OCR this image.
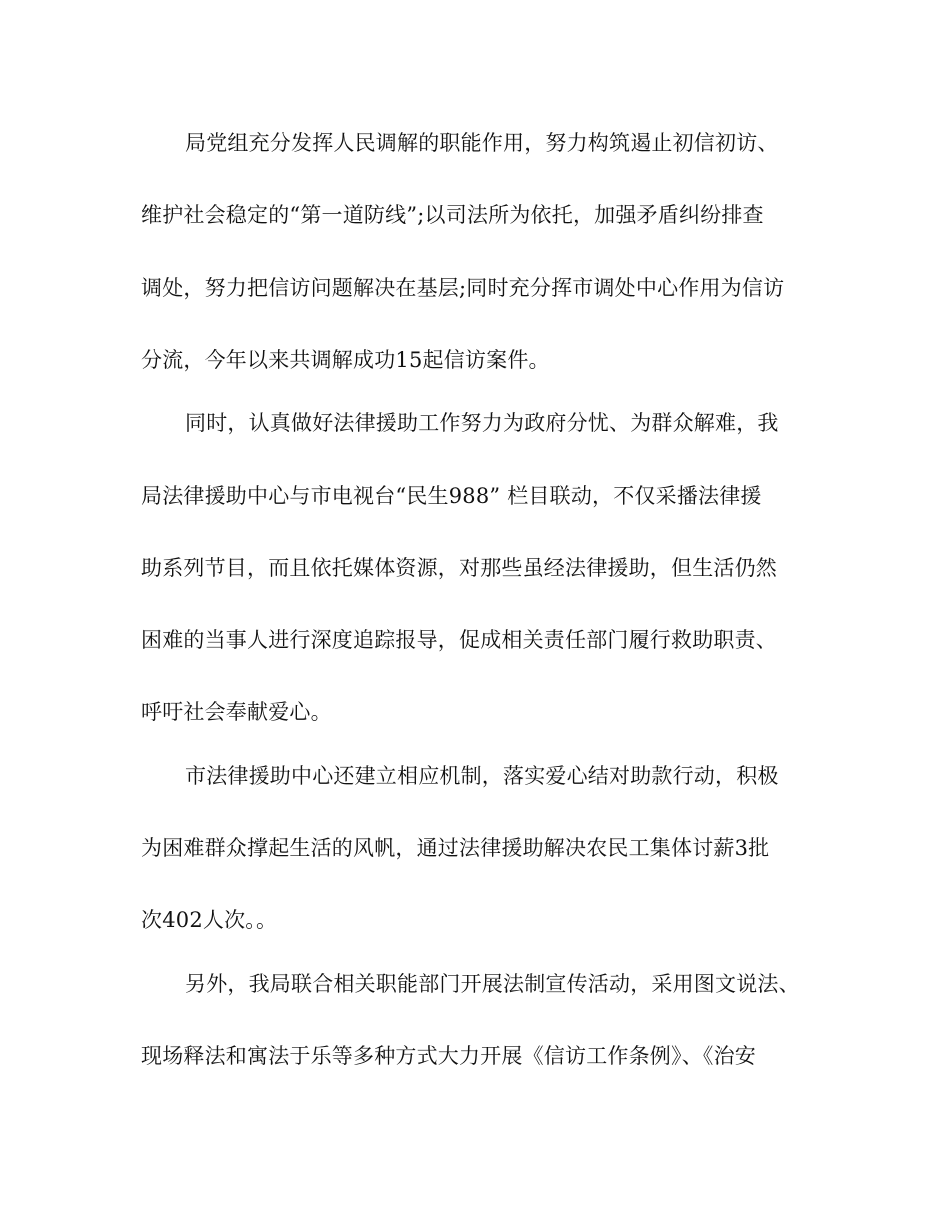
局党组充分发挥人民调解的职能作用，努力构筑遏止初信初访、
维护社会稳定的“第一道防线”;以司法所为依托，加强矛盾纠纷排查
调处，努力把信访问题解决在基层;同时充分挥市调处中心作用为信访
分流，今年以来共调解成功15起信访案件。
同时，认真做好法律援助工作努力为政府分忧、为群众解难，我
局法律援助中心与市电视台“民生988” 栏目联动，不仅采播法律援
助系列节目，而且依托媒体资源，对那些虽经法律援助，但生活仍然
困难的当事人进行深度追踪报导，促成相关责任部门履行救助职责、
呼吁社会奉献爱心。
市法律援助中心还建立相应机制，落实爱心结对助款行动，积极
为困难群众撑起生活的风帆，通过法律援助解决农民工集体讨薪3批
次402人次。。
另外，我局联合相关职能部门开展法制宣传活动，采用图文说法、
现场释法和寓法于乐等多种方式大力开展《信访工作条例》、《治安
